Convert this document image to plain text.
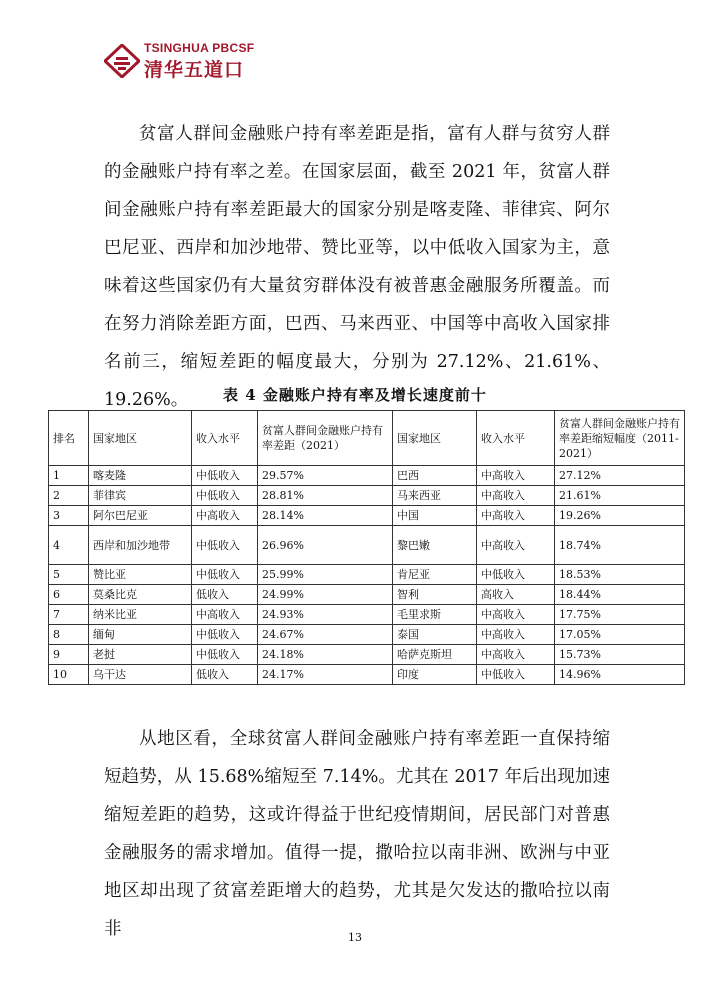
TSINGHUA PBCSF
清华五道口

贫富人群间金融账户持有率差距是指，富有人群与贫穷人群的金融账户持有率之差。在国家层面，截至 2021 年，贫富人群间金融账户持有率差距最大的国家分别是喀麦隆、菲律宾、阿尔巴尼亚、西岸和加沙地带、赞比亚等，以中低收入国家为主，意味着这些国家仍有大量贫穷群体没有被普惠金融服务所覆盖。而在努力消除差距方面，巴西、马来西亚、中国等中高收入国家排名前三，缩短差距的幅度最大，分别为 27.12%、21.61%、19.26%。	表 4 金融账户持有率及增长速度前十
排名	国家地区	收入水平	贫富人群间金融账户持有率差距（2021）	国家地区	收入水平	贫富人群间金融账户持有率差距缩短幅度（2011-2021）
1	喀麦隆	中低收入	29.57%	巴西	中高收入	27.12%
2	菲律宾	中低收入	28.81%	马来西亚	中高收入	21.61%
3	阿尔巴尼亚	中高收入	28.14%	中国	中高收入	19.26%
4	西岸和加沙地带	中低收入	26.96%	黎巴嫩	中高收入	18.74%
5	赞比亚	中低收入	25.99%	肯尼亚	中低收入	18.53%
6	莫桑比克	低收入	24.99%	智利	高收入	18.44%
7	纳米比亚	中高收入	24.93%	毛里求斯	中高收入	17.75%
8	缅甸	中低收入	24.67%	泰国	中高收入	17.05%
9	老挝	中低收入	24.18%	哈萨克斯坦	中高收入	15.73%
10	乌干达	低收入	24.17%	印度	中低收入	14.96%

从地区看，全球贫富人群间金融账户持有率差距一直保持缩短趋势，从 15.68%缩短至 7.14%。尤其在 2017 年后出现加速缩短差距的趋势，这或许得益于世纪疫情期间，居民部门对普惠金融服务的需求增加。值得一提，撒哈拉以南非洲、欧洲与中亚地区却出现了贫富差距增大的趋势，尤其是欠发达的撒哈拉以南非	13
